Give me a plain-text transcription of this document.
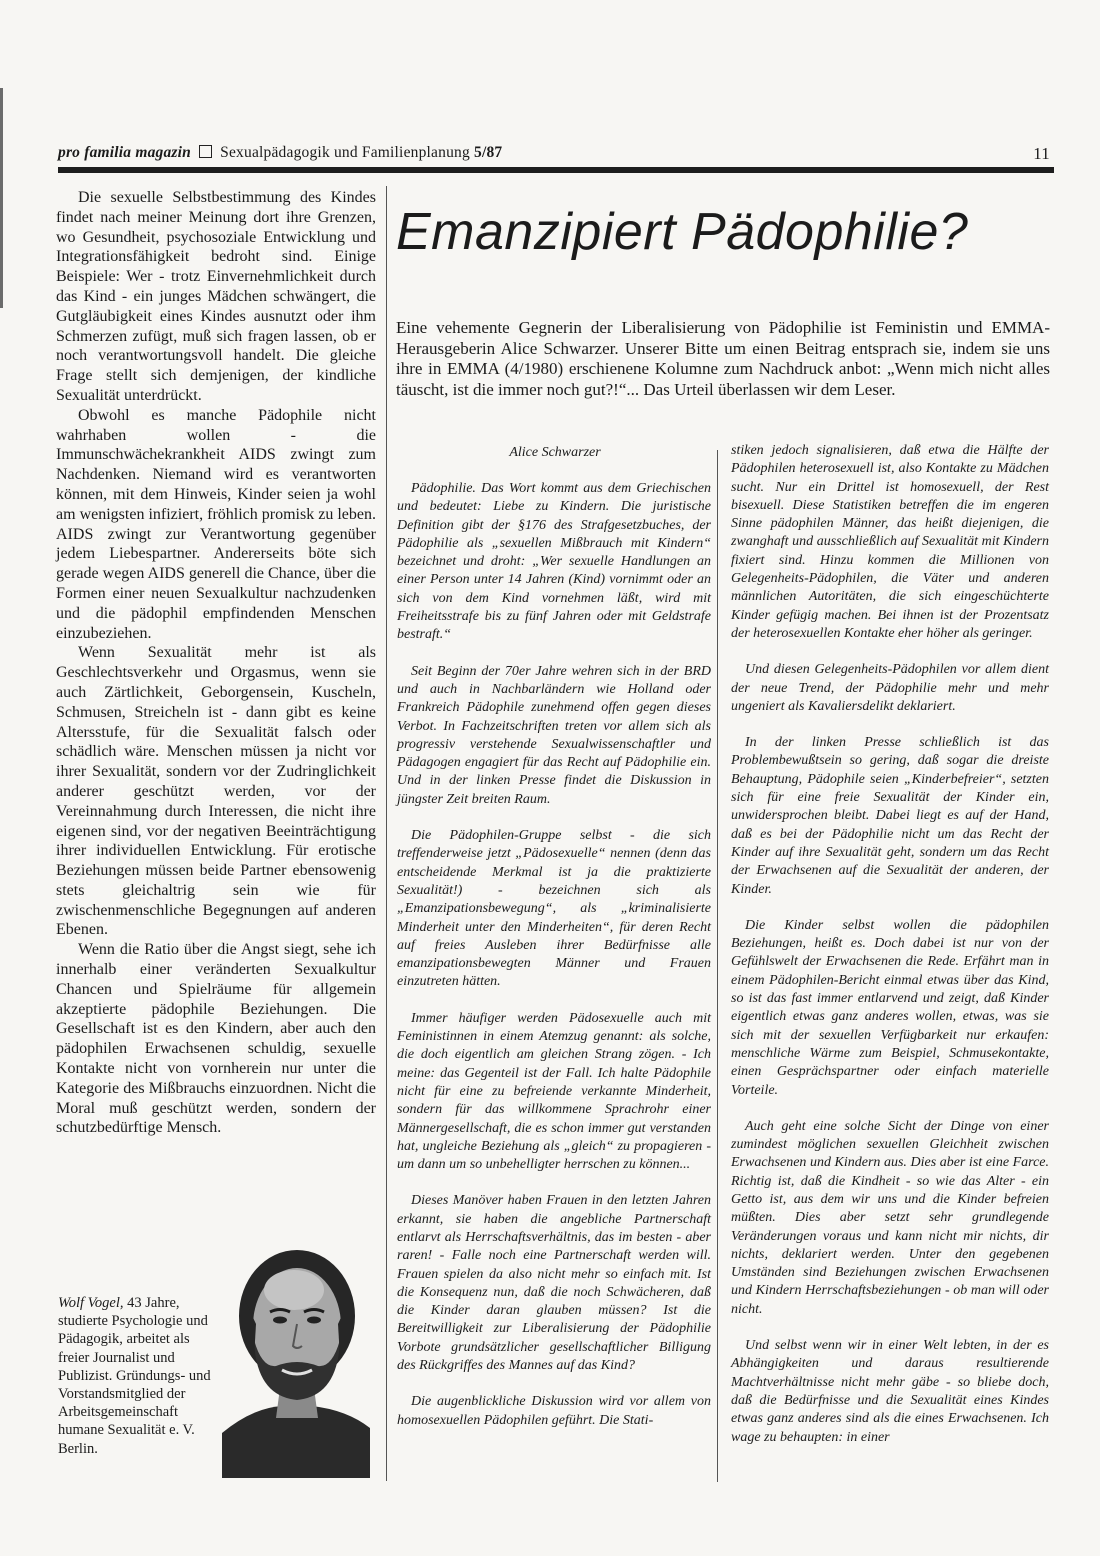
pro familia magazin Sexualpädagogik und Familienplanung 5/87	11

Die sexuelle Selbstbestimmung des Kindes findet nach meiner Meinung dort ihre Grenzen, wo Gesundheit, psychosoziale Entwicklung und Integrationsfähigkeit bedroht sind. Einige Beispiele: Wer - trotz Einvernehmlichkeit durch das Kind - ein junges Mädchen schwängert, die Gutgläubigkeit eines Kindes ausnutzt oder ihm Schmerzen zufügt, muß sich fragen lassen, ob er noch verantwortungsvoll handelt. Die gleiche Frage stellt sich demjenigen, der kindliche Sexualität unterdrückt.

Obwohl es manche Pädophile nicht wahrhaben wollen - die Immunschwächekrankheit AIDS zwingt zum Nachdenken. Niemand wird es verantworten können, mit dem Hinweis, Kinder seien ja wohl am wenigsten infiziert, fröhlich promisk zu leben. AIDS zwingt zur Verantwortung gegenüber jedem Liebespartner. Andererseits böte sich gerade wegen AIDS generell die Chance, über die Formen einer neuen Sexualkultur nachzudenken und die pädophil empfindenden Menschen einzubeziehen.

Wenn Sexualität mehr ist als Geschlechtsverkehr und Orgasmus, wenn sie auch Zärtlichkeit, Geborgensein, Kuscheln, Schmusen, Streicheln ist - dann gibt es keine Altersstufe, für die Sexualität falsch oder schädlich wäre. Menschen müssen ja nicht vor ihrer Sexualität, sondern vor der Zudringlichkeit anderer geschützt werden, vor der Vereinnahmung durch Interessen, die nicht ihre eigenen sind, vor der negativen Beeinträchtigung ihrer individuellen Entwicklung. Für erotische Beziehungen müssen beide Partner ebensowenig stets gleichaltrig sein wie für zwischenmenschliche Begegnungen auf anderen Ebenen.

Wenn die Ratio über die Angst siegt, sehe ich innerhalb einer veränderten Sexualkultur Chancen und Spielräume für allgemein akzeptierte pädophile Beziehungen. Die Gesellschaft ist es den Kindern, aber auch den pädophilen Erwachsenen schuldig, sexuelle Kontakte nicht von vornherein nur unter die Kategorie des Mißbrauchs einzuordnen. Nicht die Moral muß geschützt werden, sondern der schutzbedürftige Mensch.

Emanzipiert Pädophilie?
Eine vehemente Gegnerin der Liberalisierung von Pädophilie ist Feministin und EMMA-Herausgeberin Alice Schwarzer. Unserer Bitte um einen Beitrag entsprach sie, indem sie uns ihre in EMMA (4/1980) erschienene Kolumne zum Nachdruck anbot: „Wenn mich nicht alles täuscht, ist die immer noch gut?!“... Das Urteil überlassen wir dem Leser.
Alice Schwarzer

Pädophilie. Das Wort kommt aus dem Griechischen und bedeutet: Liebe zu Kindern. Die juristische Definition gibt der §176 des Strafgesetzbuches, der Pädophilie als „sexuellen Mißbrauch mit Kindern“ bezeichnet und droht: „Wer sexuelle Handlungen an einer Person unter 14 Jahren (Kind) vornimmt oder an sich von dem Kind vornehmen läßt, wird mit Freiheitsstrafe bis zu fünf Jahren oder mit Geldstrafe bestraft.“

Seit Beginn der 70er Jahre wehren sich in der BRD und auch in Nachbarländern wie Holland oder Frankreich Pädophile zunehmend offen gegen dieses Verbot. In Fachzeitschriften treten vor allem sich als progressiv verstehende Sexualwissenschaftler und Pädagogen engagiert für das Recht auf Pädophilie ein. Und in der linken Presse findet die Diskussion in jüngster Zeit breiten Raum.

Die Pädophilen-Gruppe selbst - die sich treffenderweise jetzt „Pädosexuelle“ nennen (denn das entscheidende Merkmal ist ja die praktizierte Sexualität!) - bezeichnen sich als „Emanzipationsbewegung“, als „kriminalisierte Minderheit unter den Minderheiten“, für deren Recht auf freies Ausleben ihrer Bedürfnisse alle emanzipationsbewegten Männer und Frauen einzutreten hätten.

Immer häufiger werden Pädosexuelle auch mit Feministinnen in einem Atemzug genannt: als solche, die doch eigentlich am gleichen Strang zögen. - Ich meine: das Gegenteil ist der Fall. Ich halte Pädophile nicht für eine zu befreiende verkannte Minderheit, sondern für das willkommene Sprachrohr einer Männergesellschaft, die es schon immer gut verstanden hat, ungleiche Beziehung als „gleich“ zu propagieren - um dann um so unbehelligter herrschen zu können...

Dieses Manöver haben Frauen in den letzten Jahren erkannt, sie haben die angebliche Partnerschaft entlarvt als Herrschaftsverhältnis, das im besten - aber raren! - Falle noch eine Partnerschaft werden will. Frauen spielen da also nicht mehr so einfach mit. Ist die Konsequenz nun, daß die noch Schwächeren, daß die Kinder daran glauben müssen? Ist die Bereitwilligkeit zur Liberalisierung der Pädophilie Vorbote grundsätzlicher gesellschaftlicher Billigung des Rückgriffes des Mannes auf das Kind?

Die augenblickliche Diskussion wird vor allem von homosexuellen Pädophilen geführt. Die Stati-

stiken jedoch signalisieren, daß etwa die Hälfte der Pädophilen heterosexuell ist, also Kontakte zu Mädchen sucht. Nur ein Drittel ist homosexuell, der Rest bisexuell. Diese Statistiken betreffen die im engeren Sinne pädophilen Männer, das heißt diejenigen, die zwanghaft und ausschließlich auf Sexualität mit Kindern fixiert sind. Hinzu kommen die Millionen von Gelegenheits-Pädophilen, die Väter und anderen männlichen Autoritäten, die sich eingeschüchterte Kinder gefügig machen. Bei ihnen ist der Prozentsatz der heterosexuellen Kontakte eher höher als geringer.

Und diesen Gelegenheits-Pädophilen vor allem dient der neue Trend, der Pädophilie mehr und mehr ungeniert als Kavaliersdelikt deklariert.

In der linken Presse schließlich ist das Problembewußtsein so gering, daß sogar die dreiste Behauptung, Pädophile seien „Kinderbefreier“, setzten sich für eine freie Sexualität der Kinder ein, unwidersprochen bleibt. Dabei liegt es auf der Hand, daß es bei der Pädophilie nicht um das Recht der Kinder auf ihre Sexualität geht, sondern um das Recht der Erwachsenen auf die Sexualität der anderen, der Kinder.

Die Kinder selbst wollen die pädophilen Beziehungen, heißt es. Doch dabei ist nur von der Gefühlswelt der Erwachsenen die Rede. Erfährt man in einem Pädophilen-Bericht einmal etwas über das Kind, so ist das fast immer entlarvend und zeigt, daß Kinder eigentlich etwas ganz anderes wollen, etwas, was sie sich mit der sexuellen Verfügbarkeit nur erkaufen: menschliche Wärme zum Beispiel, Schmusekontakte, einen Gesprächspartner oder einfach materielle Vorteile.

Auch geht eine solche Sicht der Dinge von einer zumindest möglichen sexuellen Gleichheit zwischen Erwachsenen und Kindern aus. Dies aber ist eine Farce. Richtig ist, daß die Kindheit - so wie das Alter - ein Getto ist, aus dem wir uns und die Kinder befreien müßten. Dies aber setzt sehr grundlegende Veränderungen voraus und kann nicht mir nichts, dir nichts, deklariert werden. Unter den gegebenen Umständen sind Beziehungen zwischen Erwachsenen und Kindern Herrschaftsbeziehungen - ob man will oder nicht.

Und selbst wenn wir in einer Welt lebten, in der es Abhängigkeiten und daraus resultierende Machtverhältnisse nicht mehr gäbe - so bliebe doch, daß die Bedürfnisse und die Sexualität eines Kindes etwas ganz anderes sind als die eines Erwachsenen. Ich wage zu behaupten: in einer

Wolf Vogel, 43 Jahre, studierte Psychologie und Pädagogik, arbeitet als freier Journalist und Publizist. Gründungs- und Vorstandsmitglied der Arbeitsgemeinschaft humane Sexualität e. V. Berlin.
